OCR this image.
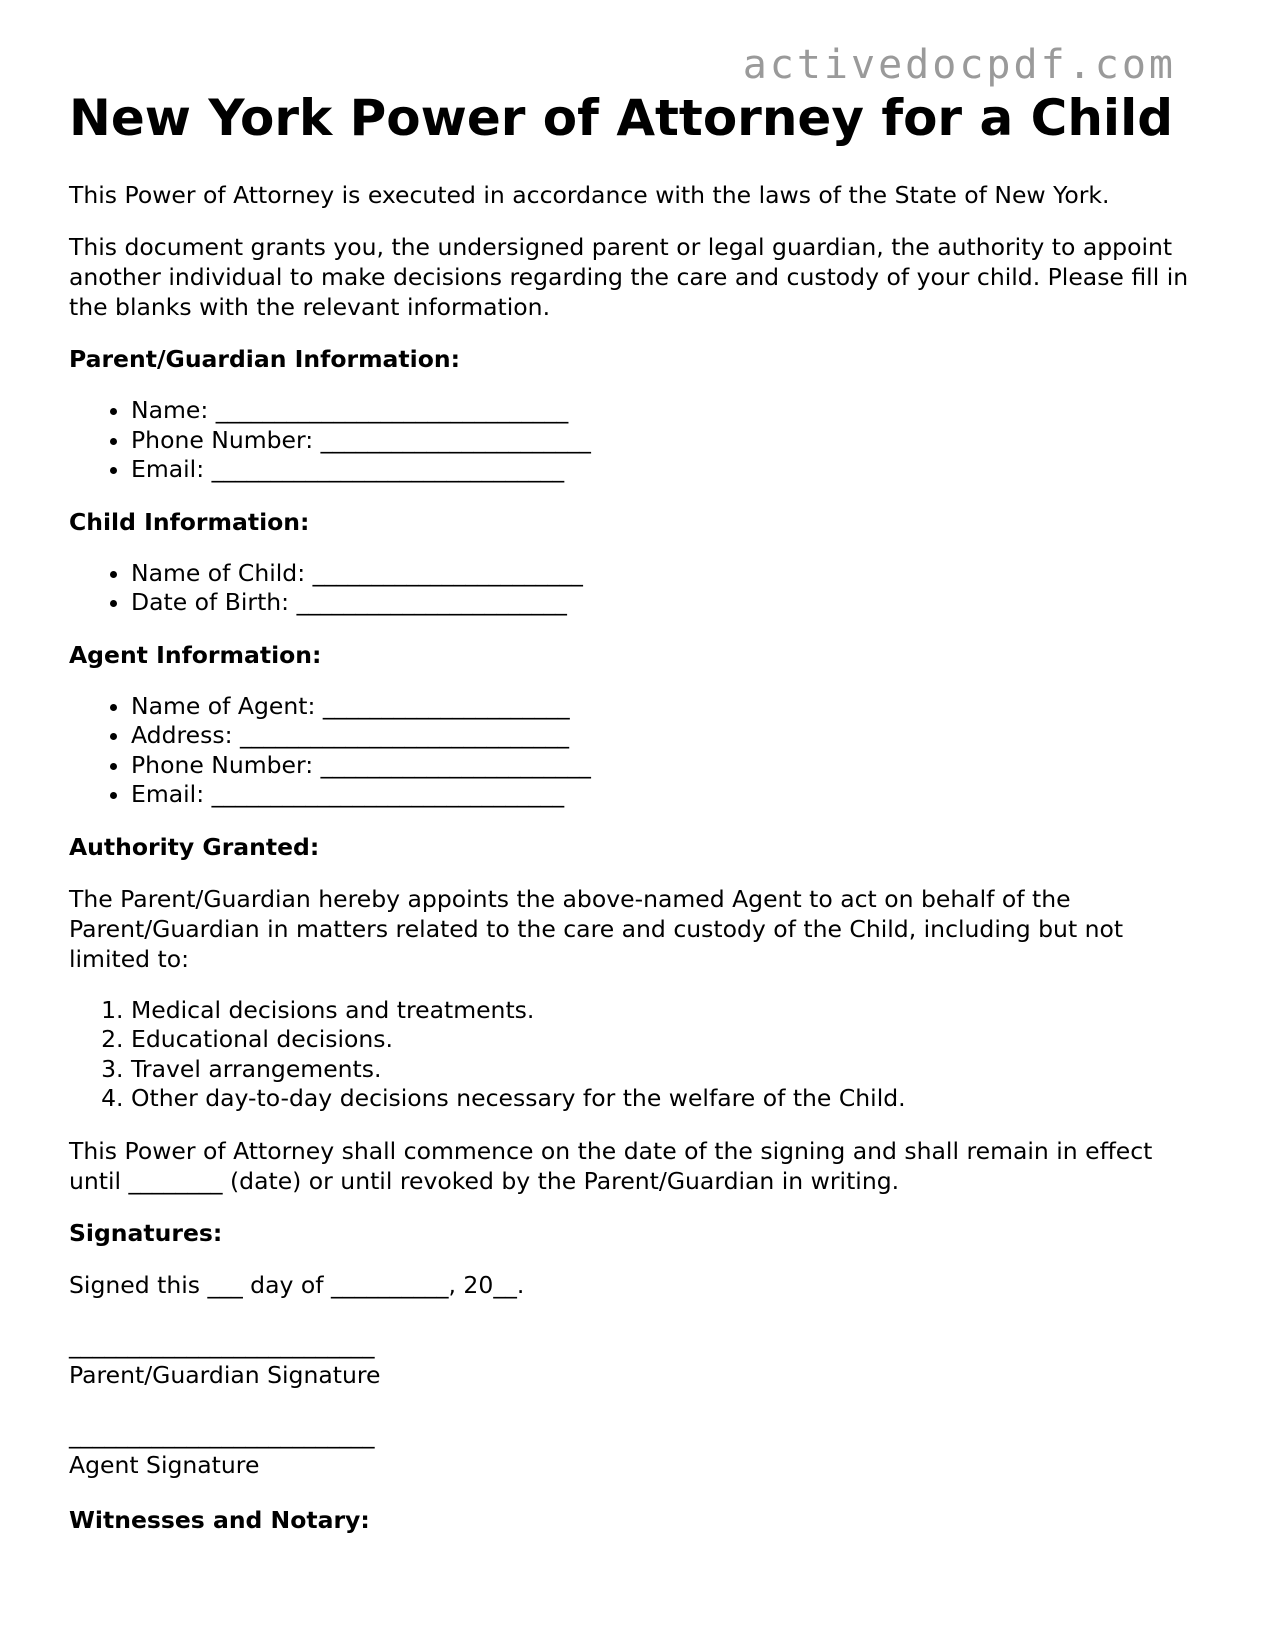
activedocpdf.com
New York Power of Attorney for a Child

This Power of Attorney is executed in accordance with the laws of the State of New York.

This document grants you, the undersigned parent or legal guardian, the authority to appoint another individual to make decisions regarding the care and custody of your child. Please fill in the blanks with the relevant information.

Parent/Guardian Information:

• Name: ______________________________
• Phone Number: _______________________
• Email: ______________________________

Child Information:

• Name of Child: _______________________
• Date of Birth: _______________________

Agent Information:

• Name of Agent: _____________________
• Address: ____________________________
• Phone Number: _______________________
• Email: ______________________________

Authority Granted:

The Parent/Guardian hereby appoints the above-named Agent to act on behalf of the Parent/Guardian in matters related to the care and custody of the Child, including but not limited to:

1. Medical decisions and treatments.
2. Educational decisions.
3. Travel arrangements.
4. Other day-to-day decisions necessary for the welfare of the Child.

This Power of Attorney shall commence on the date of the signing and shall remain in effect until ________ (date) or until revoked by the Parent/Guardian in writing.

Signatures:

Signed this ___ day of __________, 20__.

__________________________
Parent/Guardian Signature
__________________________
Agent Signature

Witnesses and Notary:
